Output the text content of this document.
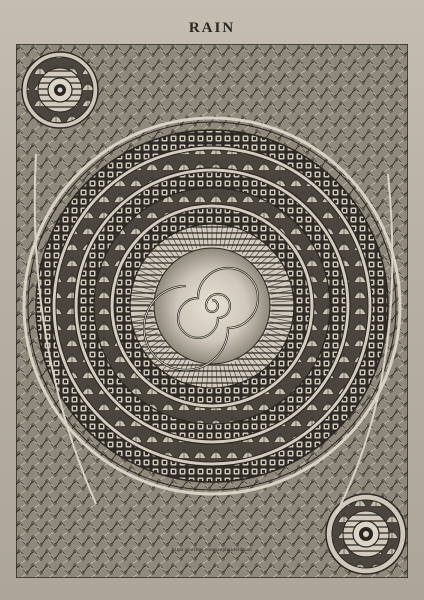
RAIN
https://twitter.com/stephenfeldman
